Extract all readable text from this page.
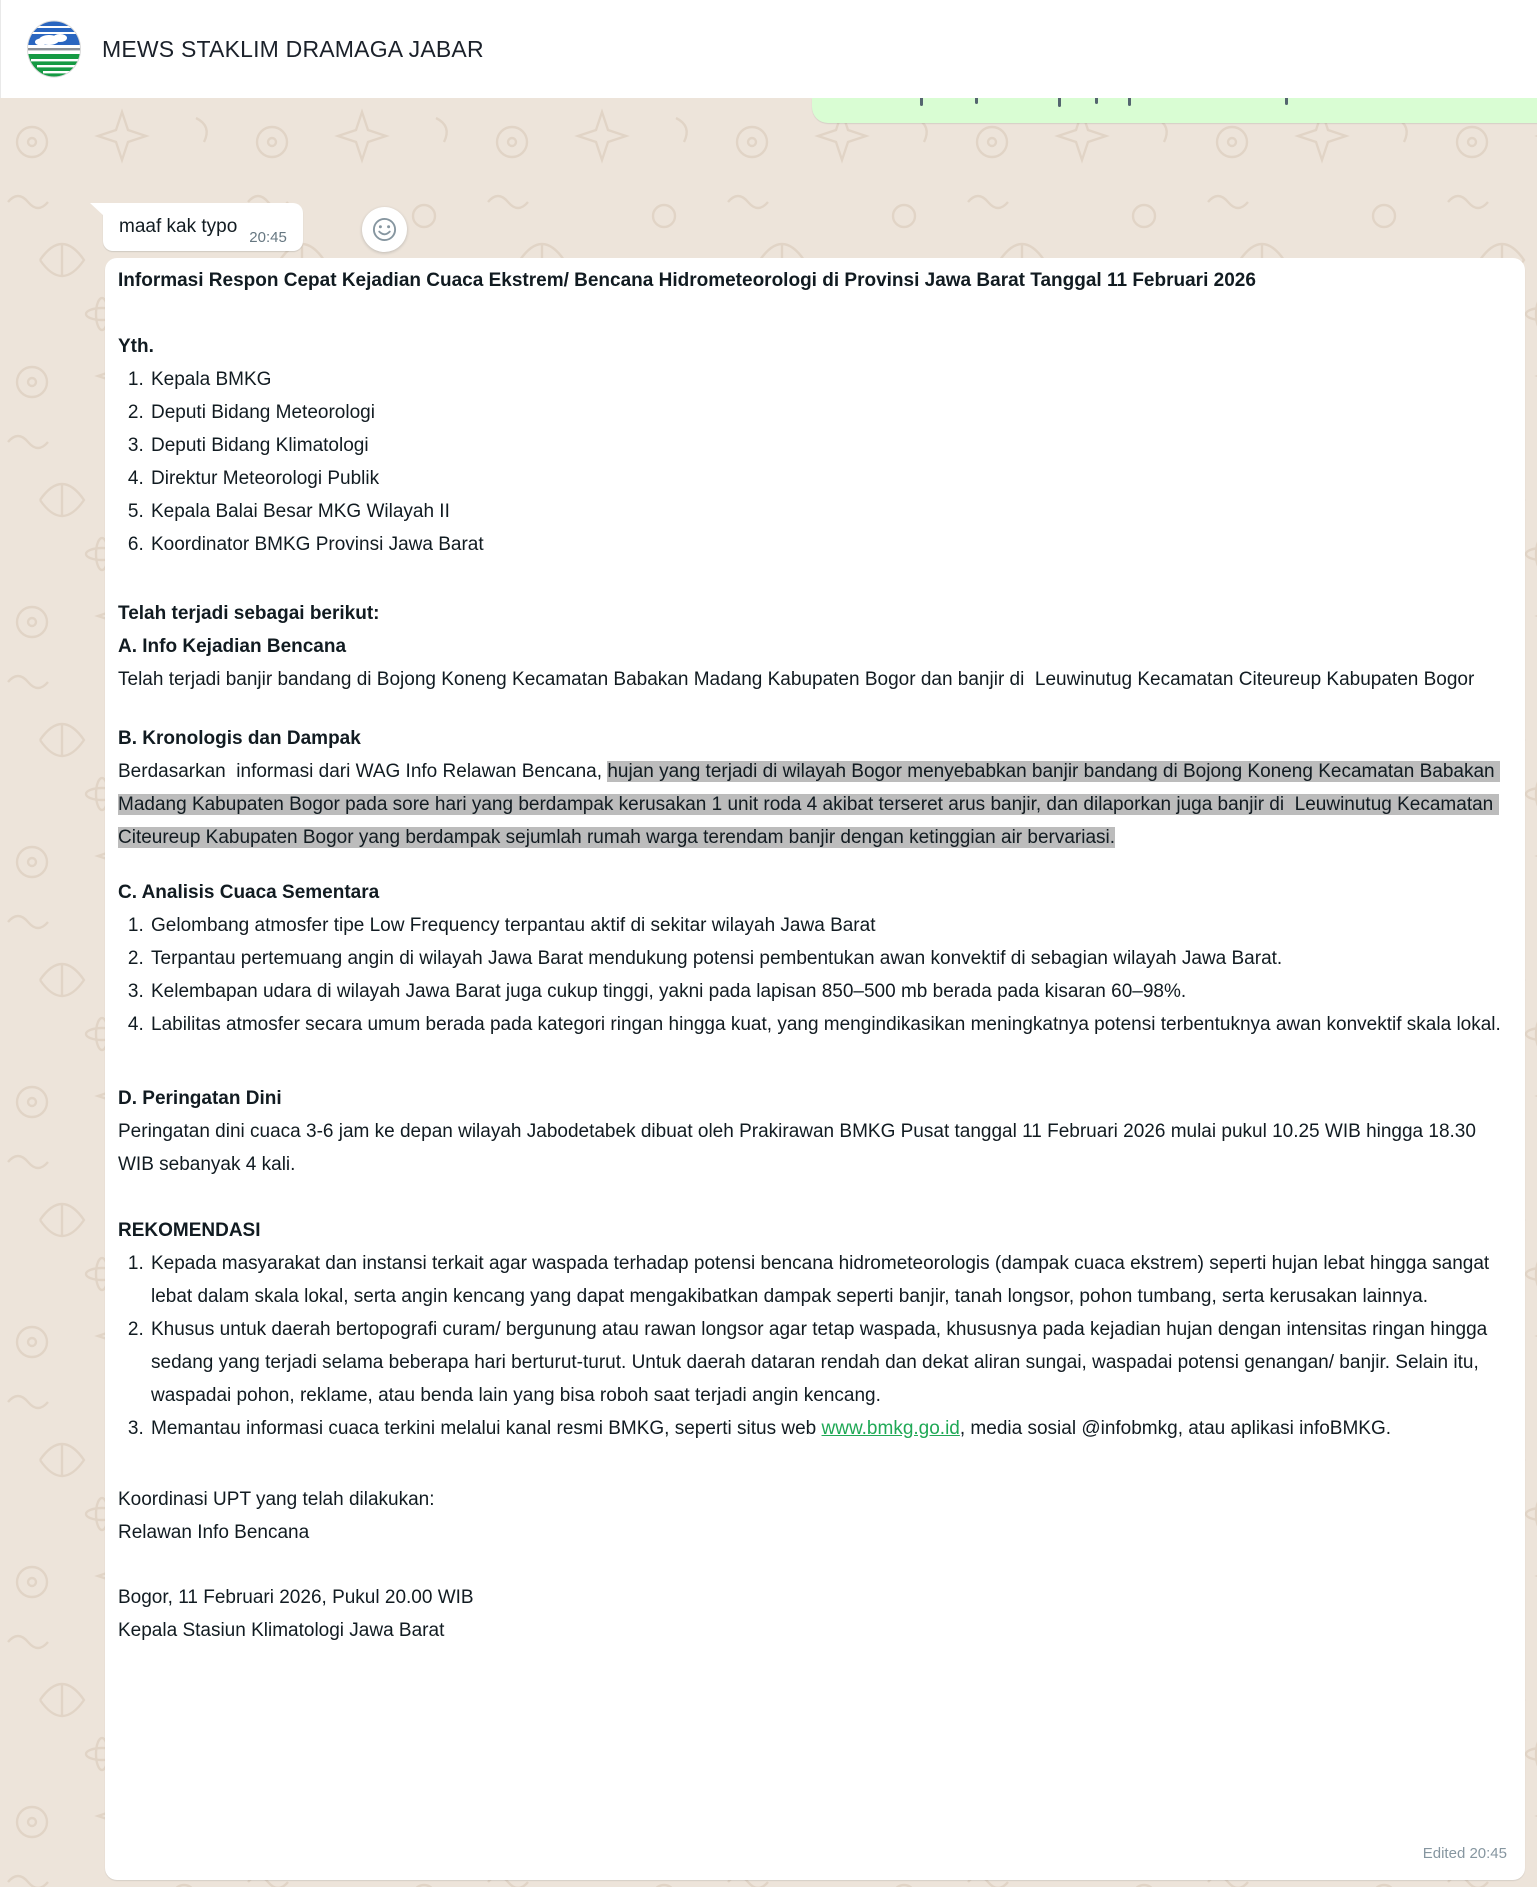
MEWS STAKLIM DRAMAGA JABAR
maaf kak typo
20:45

Informasi Respon Cepat Kejadian Cuaca Ekstrem/ Bencana Hidrometeorologi di Provinsi Jawa Barat Tanggal 11 Februari 2026

Yth.

1. Kepala BMKG
2. Deputi Bidang Meteorologi
3. Deputi Bidang Klimatologi
4. Direktur Meteorologi Publik
5. Kepala Balai Besar MKG Wilayah II
6. Koordinator BMKG Provinsi Jawa Barat

Telah terjadi sebagai berikut:

A. Info Kejadian Bencana

Telah terjadi banjir bandang di Bojong Koneng Kecamatan Babakan Madang Kabupaten Bogor dan banjir di  Leuwinutug Kecamatan Citeureup Kabupaten Bogor

B. Kronologis dan Dampak

Berdasarkan  informasi dari WAG Info Relawan Bencana, hujan yang terjadi di wilayah Bogor menyebabkan banjir bandang di Bojong Koneng Kecamatan Babakan Madang Kabupaten Bogor pada sore hari yang berdampak kerusakan 1 unit roda 4 akibat terseret arus banjir, dan dilaporkan juga banjir di  Leuwinutug Kecamatan Citeureup Kabupaten Bogor yang berdampak sejumlah rumah warga terendam banjir dengan ketinggian air bervariasi.

C. Analisis Cuaca Sementara

1. Gelombang atmosfer tipe Low Frequency terpantau aktif di sekitar wilayah Jawa Barat
2. Terpantau pertemuang angin di wilayah Jawa Barat mendukung potensi pembentukan awan konvektif di sebagian wilayah Jawa Barat.
3. Kelembapan udara di wilayah Jawa Barat juga cukup tinggi, yakni pada lapisan 850–500 mb berada pada kisaran 60–98%.
4. Labilitas atmosfer secara umum berada pada kategori ringan hingga kuat, yang mengindikasikan meningkatnya potensi terbentuknya awan konvektif skala lokal.

D. Peringatan Dini

Peringatan dini cuaca 3-6 jam ke depan wilayah Jabodetabek dibuat oleh Prakirawan BMKG Pusat tanggal 11 Februari 2026 mulai pukul 10.25 WIB hingga 18.30 WIB sebanyak 4 kali.

REKOMENDASI

1. Kepada masyarakat dan instansi terkait agar waspada terhadap potensi bencana hidrometeorologis (dampak cuaca ekstrem) seperti hujan lebat hingga sangat lebat dalam skala lokal, serta angin kencang yang dapat mengakibatkan dampak seperti banjir, tanah longsor, pohon tumbang, serta kerusakan lainnya.
2. Khusus untuk daerah bertopografi curam/ bergunung atau rawan longsor agar tetap waspada, khususnya pada kejadian hujan dengan intensitas ringan hingga sedang yang terjadi selama beberapa hari berturut-turut. Untuk daerah dataran rendah dan dekat aliran sungai, waspadai potensi genangan/ banjir. Selain itu, waspadai pohon, reklame, atau benda lain yang bisa roboh saat terjadi angin kencang.
3. Memantau informasi cuaca terkini melalui kanal resmi BMKG, seperti situs web www.bmkg.go.id, media sosial @infobmkg, atau aplikasi infoBMKG.

Koordinasi UPT yang telah dilakukan:

Relawan Info Bencana

Bogor, 11 Februari 2026, Pukul 20.00 WIB

Kepala Stasiun Klimatologi Jawa Barat

Edited 20:45
